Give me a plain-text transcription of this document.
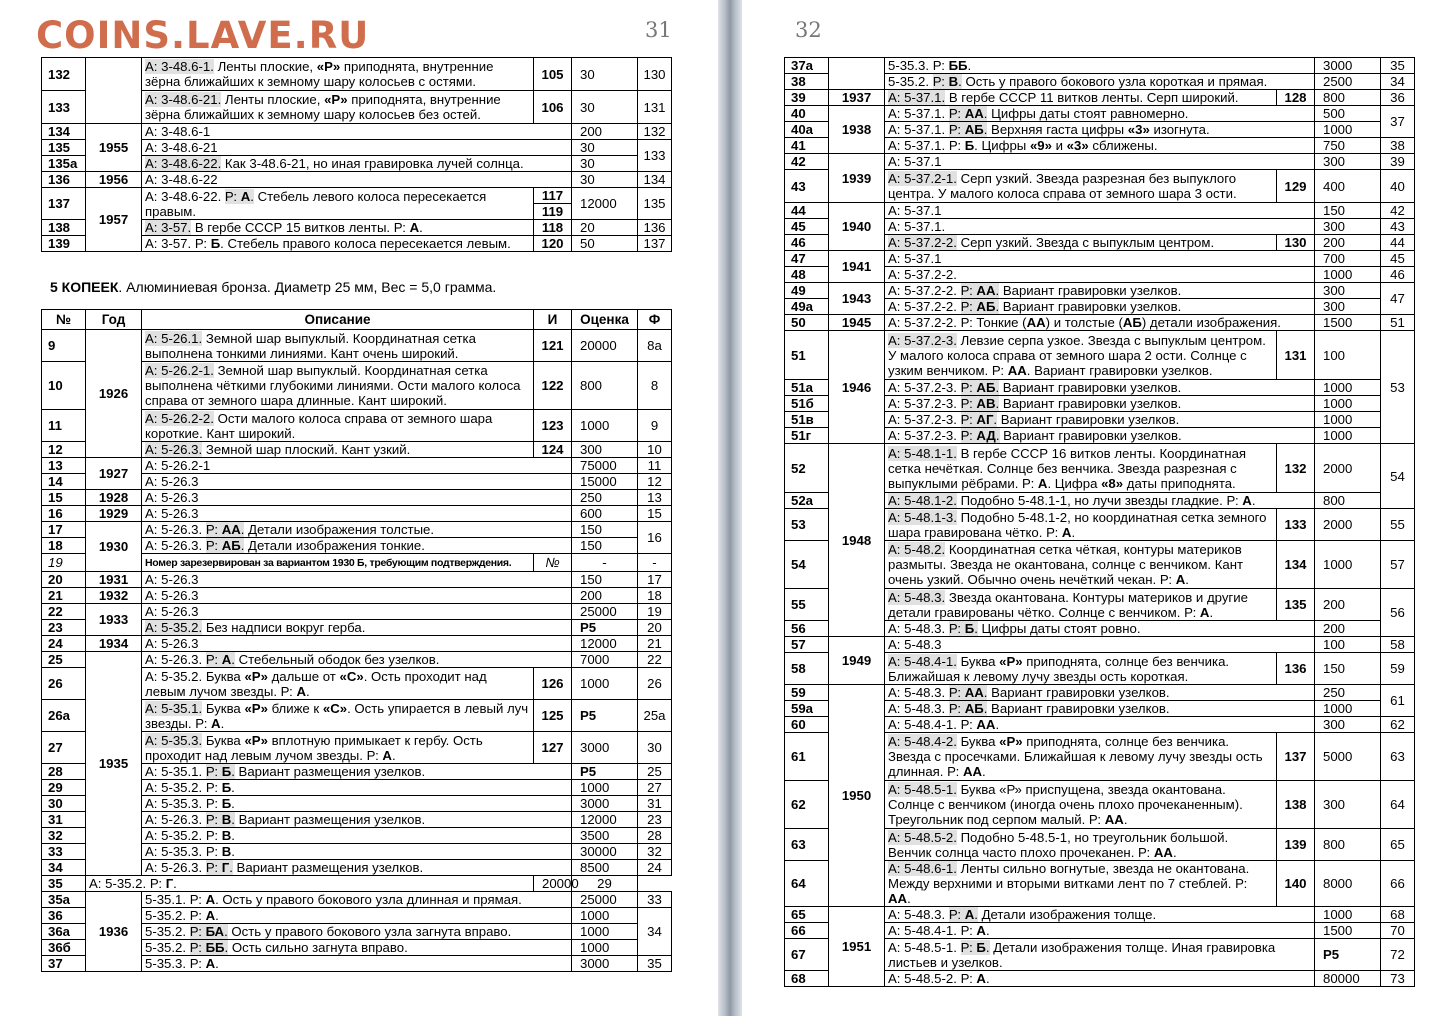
COINS.LAVE.RU	31
132		А: 3-48.6-1. Ленты плоские, «Р» приподнята, внутренние зёрна ближайших к земному шару колосьев с остями.	105	30	130
133		А: 3-48.6-21. Ленты плоские, «Р» приподнята, внутренние зёрна ближайших к земному шару колосьев без остей.	106	30	131
134	1955	А: 3-48.6-1		200	132
135		А: 3-48.6-21		30	133
135а		А: 3-48.6-22. Как 3-48.6-21, но иная гравировка лучей солнца.		30	
136	1956	А: 3-48.6-22		30	134
137	1957	А: 3-48.6-22. Р: А. Стебель левого колоса пересекается правым.	117	12000	135
			119		
138		А: 3-57. В гербе СССР 15 витков ленты. Р: А.	118	20	136
139		А: 3-57. Р: Б. Стебель правого колоса пересекается левым.	120	50	137
5 КОПЕЕК. Алюминиевая бронза. Диаметр 25 мм, Вес = 5,0 грамма.
№	Год	Описание	И	Оценка	Ф
9	1926	А: 5-26.1. Земной шар выпуклый. Координатная сетка выполнена тонкими линиями. Кант очень широкий.	121	20000	8а
10		А: 5-26.2-1. Земной шар выпуклый. Координатная сетка выполнена чёткими глубокими линиями. Ости малого колоса справа от земного шара длинные. Кант широкий.	122	800	8
11		А: 5-26.2-2. Ости малого колоса справа от земного шара короткие. Кант широкий.	123	1000	9
12		А: 5-26.3. Земной шар плоский. Кант узкий.	124	300	10
13	1927	А: 5-26.2-1		75000	11
14		А: 5-26.3		15000	12
15	1928	А: 5-26.3		250	13
16	1929	А: 5-26.3		600	15
17	1930	А: 5-26.3. Р: АА. Детали изображения толстые.		150	16
18		А: 5-26.3. Р: АБ. Детали изображения тонкие.		150	
19		Номер зарезервирован за вариантом 1930 Б, требующим подтверждения.	№	-	-
20	1931	А: 5-26.3		150	17
21	1932	А: 5-26.3		200	18
22	1933	А: 5-26.3		25000	19
23		А: 5-35.2. Без надписи вокруг герба.		Р5	20
24	1934	А: 5-26.3		12000	21
25	1935	А: 5-26.3. Р: А. Стебельный ободок без узелков.		7000	22
26		А: 5-35.2. Буква «Р» дальше от «С». Ость проходит над левым лучом звезды. Р: А.	126	1000	26
26а		А: 5-35.1. Буква «Р» ближе к «С». Ость упирается в левый луч звезды. Р: А.	125	Р5	25а
27		А: 5-35.3. Буква «Р» вплотную примыкает к гербу. Ость проходит над левым лучом звезды. Р: А.	127	3000	30
28		А: 5-35.1. Р: Б. Вариант размещения узелков.		Р5	25
29		А: 5-35.2. Р: Б.		1000	27
30		А: 5-35.3. Р: Б.		3000	31
31		А: 5-26.3. Р: В. Вариант размещения узелков.		12000	23
32		А: 5-35.2. Р: В.		3500	28
33		А: 5-35.3. Р: В.		30000	32
34		А: 5-26.3. Р: Г. Вариант размещения узелков.		8500	24
35	А: 5-35.2. Р: Г.		20000	29	
35а	1936	5-35.1. Р: А. Ость у правого бокового узла длинная и прямая.		25000	33
36		5-35.2. Р: А.		1000	34
36а		5-35.2. Р: БА. Ость у правого бокового узла загнута вправо.		1000	
36б		5-35.2. Р: ББ. Ость сильно загнута вправо.		1000	
37		5-35.3. Р: А.		3000	35
32
37а		5-35.3. Р: ББ.		3000	35
38		5-35.2. Р: В. Ость у правого бокового узла короткая и прямая.		2500	34
39	1937	А: 5-37.1. В гербе СССР 11 витков ленты. Серп широкий.	128	800	36
40	1938	А: 5-37.1. Р: АА. Цифры даты стоят равномерно.		500	37
40а		А: 5-37.1. Р: АБ. Верхняя гаста цифры «3» изогнута.		1000	
41		А: 5-37.1. Р: Б. Цифры «9» и «3» сближены.		750	38
42	1939	А: 5-37.1		300	39
43		А: 5-37.2-1. Серп узкий. Звезда разрезная без выпуклого центра. У малого колоса справа от земного шара 3 ости.	129	400	40
44	1940	А: 5-37.1		150	42
45		А: 5-37.1.		300	43
46		А: 5-37.2-2. Серп узкий. Звезда с выпуклым центром.	130	200	44
47	1941	А: 5-37.1		700	45
48		А: 5-37.2-2.		1000	46
49	1943	А: 5-37.2-2. Р: АА. Вариант гравировки узелков.		300	47
49а		А: 5-37.2-2. Р: АБ. Вариант гравировки узелков.		300	
50	1945	А: 5-37.2-2. Р: Тонкие (АА) и толстые (АБ) детали изображения.		1500	51
51	1946	А: 5-37.2-3. Левзие серпа узкое. Звезда с выпуклым центром. У малого колоса справа от земного шара 2 ости. Солнце с узким венчиком. Р: АА. Вариант гравировки узелков.	131	100	53
51а		А: 5-37.2-3. Р: АБ. Вариант гравировки узелков.		1000	
51б		А: 5-37.2-3. Р: АВ. Вариант гравировки узелков.		1000	
51в		А: 5-37.2-3. Р: АГ. Вариант гравировки узелков.		1000	
51г		А: 5-37.2-3. Р: АД. Вариант гравировки узелков.		1000	
52	1948	А: 5-48.1-1. В гербе СССР 16 витков ленты. Координатная сетка нечёткая. Солнце без венчика. Звезда разрезная с выпуклыми рёбрами. Р: А. Цифра «8» даты приподнята.	132	2000	54
52а		А: 5-48.1-2. Подобно 5-48.1-1, но лучи звезды гладкие. Р: А.		800	
53		А: 5-48.1-3. Подобно 5-48.1-2, но координатная сетка земного шара гравирована чётко. Р: А.	133	2000	55
54		А: 5-48.2. Координатная сетка чёткая, контуры материков размыты. Звезда не окантована, солнце с венчиком. Кант очень узкий. Обычно очень нечёткий чекан. Р: А.	134	1000	57
55		А: 5-48.3. Звезда окантована. Контуры материков и другие детали гравированы чётко. Солнце с венчиком. Р: А.	135	200	56
56		А: 5-48.3. Р: Б. Цифры даты стоят ровно.		200	
57	1949	А: 5-48.3		100	58
58		А: 5-48.4-1. Буква «Р» приподнята, солнце без венчика. Ближайшая к левому лучу звезды ость короткая.	136	150	59
59	1950	А: 5-48.3. Р: АА. Вариант гравировки узелков.		250	61
59а		А: 5-48.3. Р: АБ. Вариант гравировки узелков.		1000	
60		А: 5-48.4-1. Р: АА.		300	62
61		А: 5-48.4-2. Буква «Р» приподнята, солнце без венчика. Звезда с просечками. Ближайшая к левому лучу звезды ость длинная. Р: АА.	137	5000	63
62		А: 5-48.5-1. Буква «Р» приспущена, звезда окантована. Солнце с венчиком (иногда очень плохо прочеканенным). Треугольник под серпом малый. Р: АА.	138	300	64
63		А: 5-48.5-2. Подобно 5-48.5-1, но треугольник большой. Венчик солнца часто плохо прочеканен. Р: АА.	139	800	65
64		А: 5-48.6-1. Ленты сильно вогнутые, звезда не окантована. Между верхними и вторыми витками лент по 7 стеблей. Р: АА.	140	8000	66
65	1951	А: 5-48.3. Р: А. Детали изображения толще.		1000	68
66		А: 5-48.4-1. Р: А.		1500	70
67		А: 5-48.5-1. Р: Б. Детали изображения толще. Иная гравировка листьев и узелков.		Р5	72
68		А: 5-48.5-2. Р: А.		80000	73
